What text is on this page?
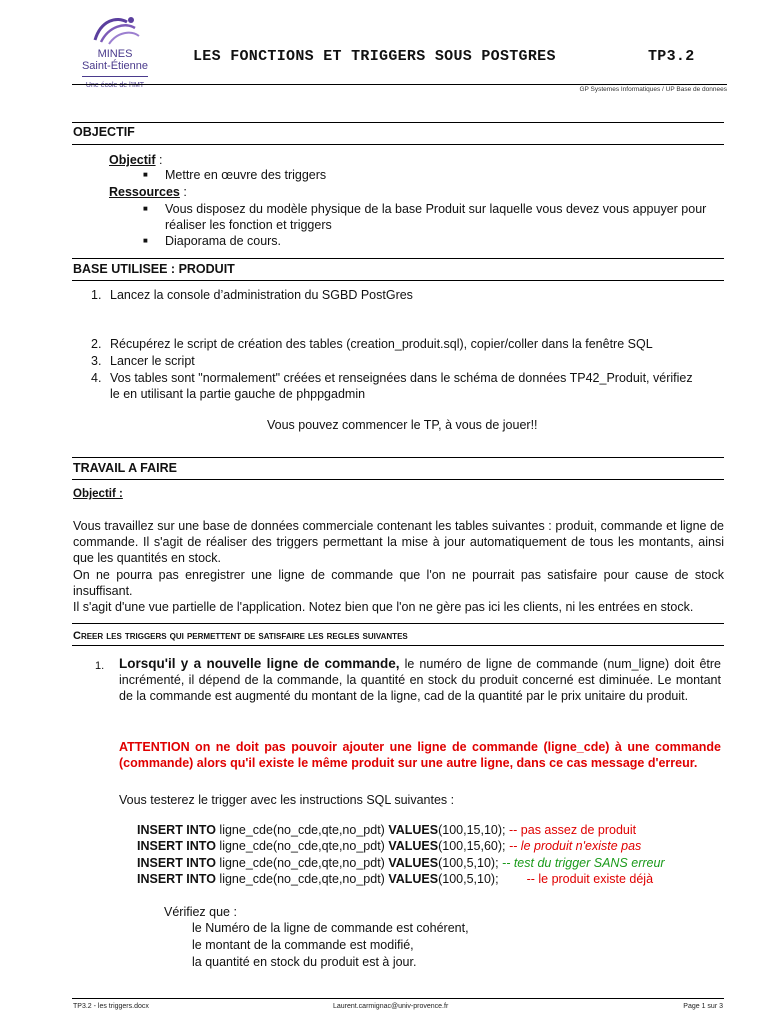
MINES
Saint-Étienne
Une école de l'IMT
LES FONCTIONS ET TRIGGERS SOUS POSTGRES	TP3.2
GP Systemes Informatiques / UP Base de donnees
OBJECTIF
Objectif :
■ Mettre en œuvre des triggers
Ressources :
■ Vous disposez du modèle physique de la base Produit sur laquelle vous devez vous appuyer pour
réaliser les fonction et triggers
■ Diaporama de cours.
BASE UTILISEE : PRODUIT
1. Lancez la console d’administration du SGBD PostGres
2. Récupérez le script de création des tables (creation_produit.sql), copier/coller dans la fenêtre SQL
3. Lancer le script
4. Vos tables sont "normalement" créées et renseignées dans le schéma de données TP42_Produit, vérifiez
le en utilisant la partie gauche de phppgadmin
Vous pouvez commencer le TP, à vous de jouer!!
TRAVAIL A FAIRE
Objectif :
Vous travaillez sur une base de données commerciale contenant les tables suivantes : produit, commande et ligne de commande. Il s'agit de réaliser des triggers permettant la mise à jour automatiquement de tous les montants, ainsi que les quantités en stock.
On ne pourra pas enregistrer une ligne de commande que l'on ne pourrait pas satisfaire pour cause de stock insuffisant.
Il s'agit d'une vue partielle de l'application. Notez bien que l'on ne gère pas ici les clients, ni les entrées en stock.
Creer les triggers qui permettent de satisfaire les regles suivantes
1. Lorsqu'il y a nouvelle ligne de commande, le numéro de ligne de commande (num_ligne) doit être incrémenté, il dépend de la commande, la quantité en stock du produit concerné est diminuée. Le montant de la commande est augmenté du montant de la ligne, cad de la quantité par le prix unitaire du produit.
ATTENTION on ne doit pas pouvoir ajouter une ligne de commande (ligne_cde) à une commande (commande) alors qu'il existe le même produit sur une autre ligne, dans ce cas message d'erreur.
Vous testerez le trigger avec les instructions SQL suivantes :
INSERT INTO ligne_cde(no_cde,qte,no_pdt) VALUES(100,15,10); -- pas assez de produit
INSERT INTO ligne_cde(no_cde,qte,no_pdt) VALUES(100,15,60); -- le produit n'existe pas
INSERT INTO ligne_cde(no_cde,qte,no_pdt) VALUES(100,5,10); -- test du trigger SANS erreur
INSERT INTO ligne_cde(no_cde,qte,no_pdt) VALUES(100,5,10); -- le produit existe déjà
Vérifiez que :
le Numéro de la ligne de commande est cohérent,
le montant de la commande est modifié,
la quantité en stock du produit est à jour.
TP3.2 - les triggers.docx	Laurent.carmignac@univ-provence.fr	Page 1 sur 3
